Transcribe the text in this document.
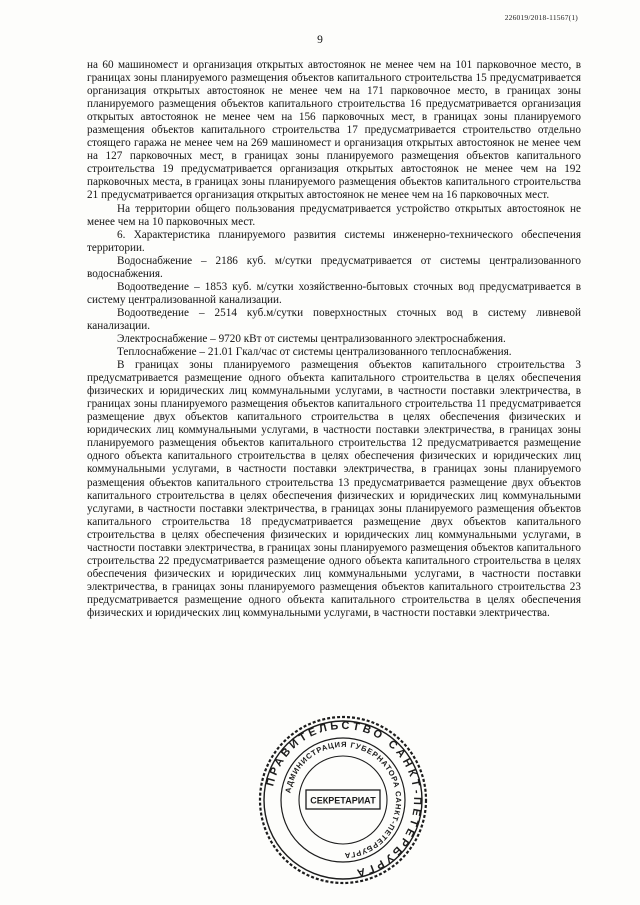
226019/2018-11567(1)
9

на 60 машиномест и организация открытых автостоянок не менее чем на 101 парковочное место, в границах зоны планируемого размещения объектов капитального строительства 15 предусматривается организация открытых автостоянок не менее чем на 171 парковочное место, в границах зоны планируемого размещения объектов капитального строительства 16 предусматривается организация открытых автостоянок не менее чем на 156 парковочных мест, в границах зоны планируемого размещения объектов капитального строительства 17 предусматривается строительство отдельно стоящего гаража не менее чем на 269 машиномест и организация открытых автостоянок не менее чем на 127 парковочных мест, в границах зоны планируемого размещения объектов капитального строительства 19 предусматривается организация открытых автостоянок не менее чем на 192 парковочных места, в границах зоны планируемого размещения объектов капитального строительства 21 предусматривается организация открытых автостоянок не менее чем на 16 парковочных мест.

На территории общего пользования предусматривается устройство открытых автостоянок не менее чем на 10 парковочных мест.

6. Характеристика планируемого развития системы инженерно-технического обеспечения территории.

Водоснабжение – 2186 куб. м/сутки предусматривается от системы централизованного водоснабжения.

Водоотведение – 1853 куб. м/сутки хозяйственно-бытовых сточных вод предусматривается в систему централизованной канализации.

Водоотведение – 2514 куб.м/сутки поверхностных сточных вод в систему ливневой канализации.

Электроснабжение – 9720 кВт от системы централизованного электроснабжения.

Теплоснабжение – 21.01 Гкал/час от системы централизованного теплоснабжения.

В границах зоны планируемого размещения объектов капитального строительства 3 предусматривается размещение одного объекта капитального строительства в целях обеспечения физических и юридических лиц коммунальными услугами, в частности поставки электричества, в границах зоны планируемого размещения объектов капитального строительства 11 предусматривается размещение двух объектов капитального строительства в целях обеспечения физических и юридических лиц коммунальными услугами, в частности поставки электричества, в границах зоны планируемого размещения объектов капитального строительства 12 предусматривается размещение одного объекта капитального строительства в целях обеспечения физических и юридических лиц коммунальными услугами, в частности поставки электричества, в границах зоны планируемого размещения объектов капитального строительства 13 предусматривается размещение двух объектов капитального строительства в целях обеспечения физических и юридических лиц коммунальными услугами, в частности поставки электричества, в границах зоны планируемого размещения объектов капитального строительства 18 предусматривается размещение двух объектов капитального строительства в целях обеспечения физических и юридических лиц коммунальными услугами, в частности поставки электричества, в границах зоны планируемого размещения объектов капитального строительства 22 предусматривается размещение одного объекта капитального строительства в целях обеспечения физических и юридических лиц коммунальными услугами, в частности поставки электричества, в границах зоны планируемого размещения объектов капитального строительства 23 предусматривается размещение одного объекта капитального строительства в целях обеспечения физических и юридических лиц коммунальными услугами, в частности поставки электричества.

ПРАВИТЕЛЬСТВО САНКТ-ПЕТЕРБУРГА
АДМИНИСТРАЦИЯ ГУБЕРНАТОРА САНКТ-ПЕТЕРБУРГА
СЕКРЕТАРИАТ
